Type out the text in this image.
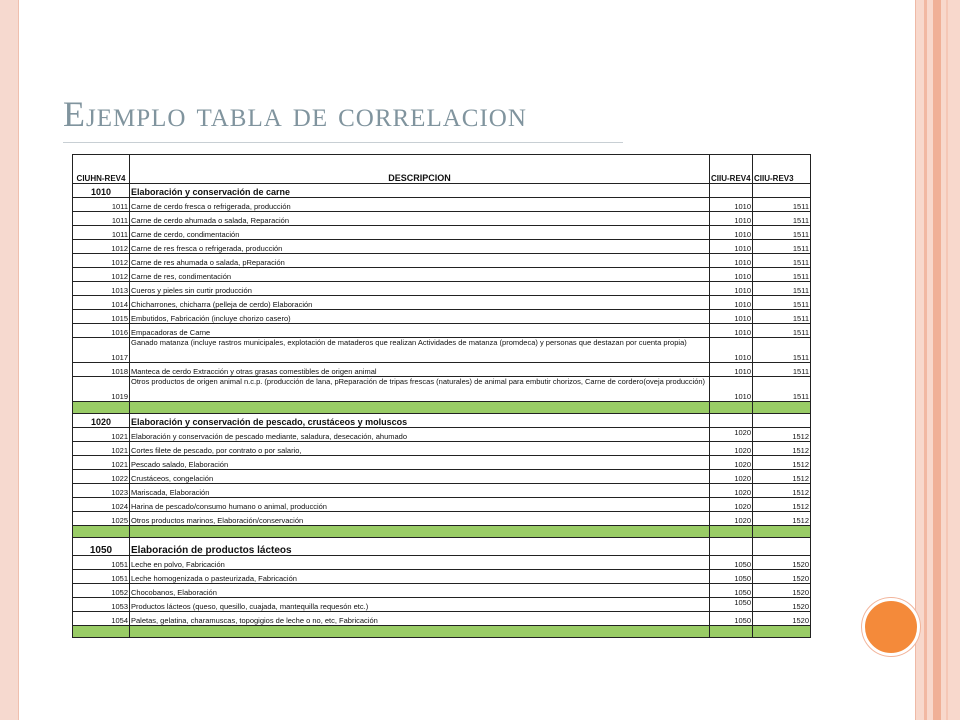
Ejemplo tabla de correlacion
CIUHN-REV4	DESCRIPCION	CIIU-REV4	CIIU-REV3
1010	Elaboración y conservación de carne		
1011	Carne de cerdo fresca o refrigerada, producción	1010	1511
1011	Carne de cerdo ahumada o salada, Reparación	1010	1511
1011	Carne de cerdo, condimentación	1010	1511
1012	Carne de res fresca o refrigerada, producción	1010	1511
1012	Carne de res ahumada o salada, pReparación	1010	1511
1012	Carne de res, condimentación	1010	1511
1013	Cueros y pieles sin curtir producción	1010	1511
1014	Chicharrones, chicharra (pelleja de cerdo) Elaboración	1010	1511
1015	Embutidos, Fabricación (incluye chorizo casero)	1010	1511
1016	Empacadoras de Carne	1010	1511
1017	Ganado matanza (incluye rastros municipales, explotación de mataderos que realizan Actividades de matanza (promdeca) y personas que destazan por cuenta propia)	1010	1511
1018	Manteca de cerdo Extracción y otras grasas comestibles de origen animal	1010	1511
1019	Otros productos de origen animal n.c.p. (producción de lana, pReparación de tripas frescas (naturales) de animal para embutir chorizos, Carne de cordero(oveja producción)	1010	1511

1020	Elaboración y conservación de pescado, crustáceos y moluscos		
1021	Elaboración y conservación de pescado mediante, saladura, desecación, ahumado	1020	1512
1021	Cortes filete de pescado, por contrato o por salario,	1020	1512
1021	Pescado salado, Elaboración	1020	1512
1022	Crustáceos, congelación	1020	1512
1023	Mariscada, Elaboración	1020	1512
1024	Harina de pescado/consumo humano o animal, producción	1020	1512
1025	Otros productos marinos, Elaboración/conservación	1020	1512

1050	Elaboración de productos lácteos		
1051	Leche en polvo, Fabricación	1050	1520
1051	Leche homogenizada o pasteurizada, Fabricación	1050	1520
1052	Chocobanos, Elaboración	1050	1520
1053	Productos lácteos (queso, quesillo, cuajada, mantequilla requesón etc.)	1050	1520
1054	Paletas, gelatina, charamuscas, topogigios de leche o no, etc, Fabricación	1050	1520
